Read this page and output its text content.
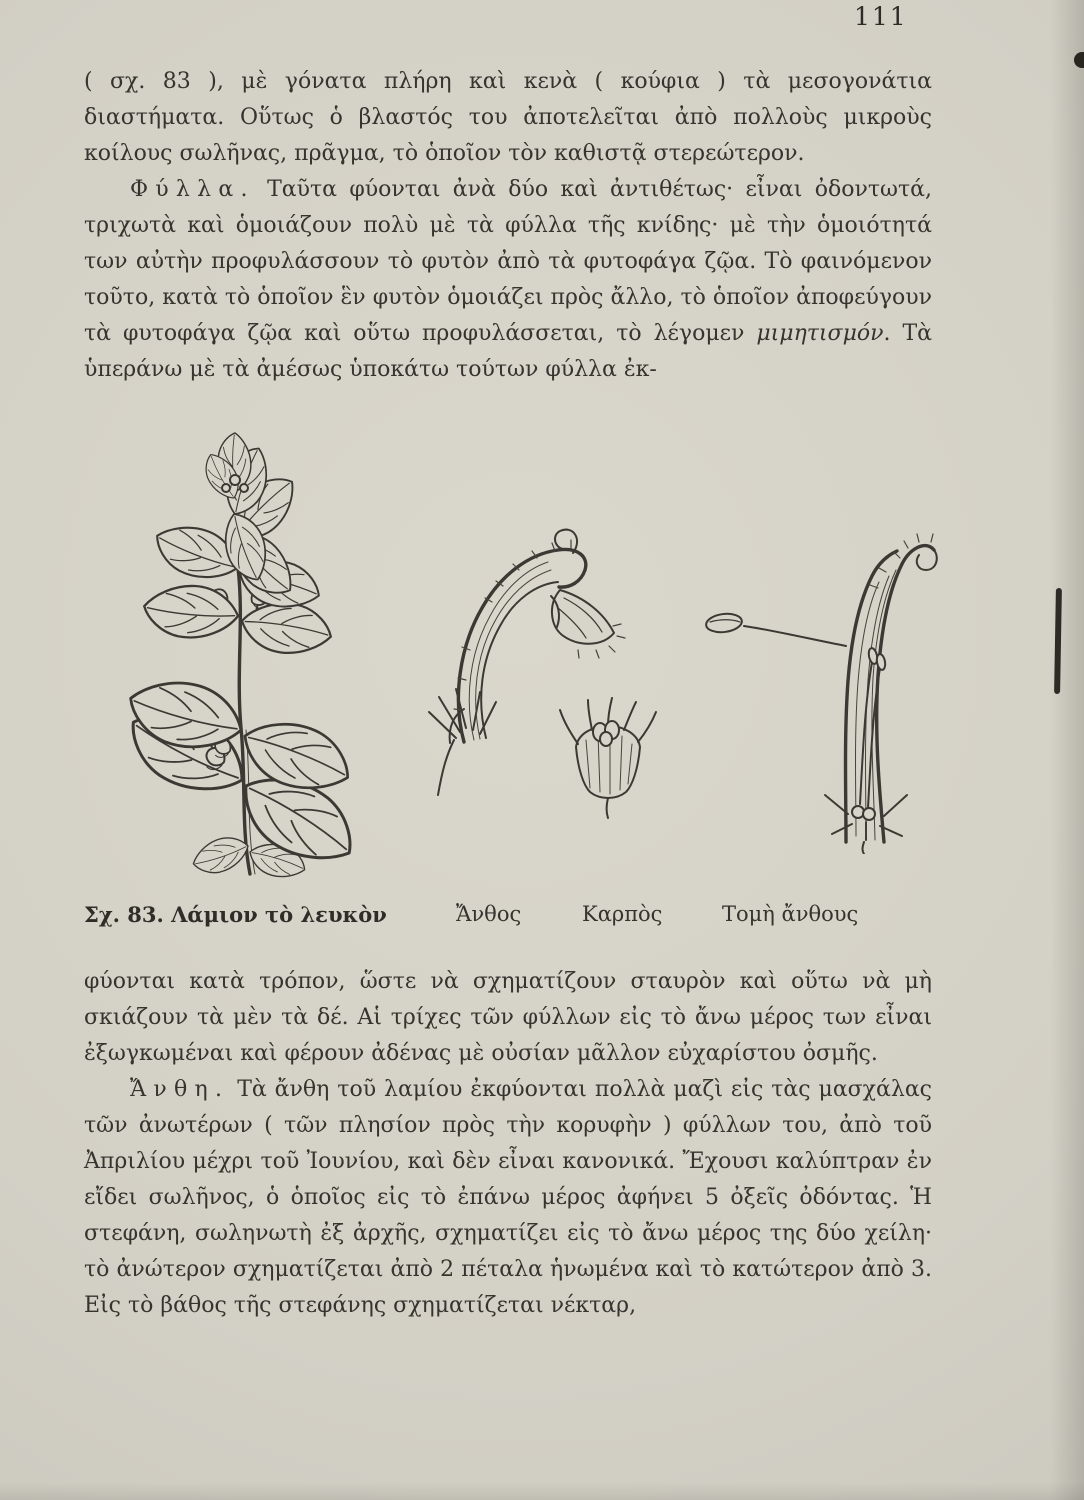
111

( σχ. 83 ), μὲ γόνατα πλήρη καὶ κενὰ ( κούφια ) τὰ μεσογονάτια διαστήματα. Οὕτως ὁ βλαστός του ἀποτελεῖται ἀπὸ πολλοὺς μικροὺς κοίλους σωλῆνας, πρᾶγμα, τὸ ὁποῖον τὸν καθιστᾷ στερεώτερον.

Φύλλα. Ταῦτα φύονται ἀνὰ δύο καὶ ἀντιθέτως· εἶναι ὀδοντωτά, τριχωτὰ καὶ ὁμοιάζουν πολὺ μὲ τὰ φύλλα τῆς κνίδης· μὲ τὴν ὁμοιότητά των αὐτὴν προφυλάσσουν τὸ φυτὸν ἀπὸ τὰ φυτοφάγα ζῷα. Τὸ φαινόμενον τοῦτο, κατὰ τὸ ὁποῖον ἓν φυτὸν ὁμοιάζει πρὸς ἄλλο, τὸ ὁποῖον ἀποφεύγουν τὰ φυτοφάγα ζῷα καὶ οὕτω προφυλάσσεται, τὸ λέγομεν μιμητισμόν. Τὰ ὑπεράνω μὲ τὰ ἀμέσως ὑποκάτω τούτων φύλλα ἐκ-

Σχ. 83. Λάμιον τὸ λευκὸν	Ἄνθος	Καρπὸς	Τομὴ ἄνθους

φύονται κατὰ τρόπον, ὥστε νὰ σχηματίζουν σταυρὸν καὶ οὕτω νὰ μὴ σκιάζουν τὰ μὲν τὰ δέ. Αἱ τρίχες τῶν φύλλων εἰς τὸ ἄνω μέρος των εἶναι ἐξωγκωμέναι καὶ φέρουν ἀδένας μὲ οὐσίαν μᾶλλον εὐχαρίστου ὀσμῆς.

Ἄνθη. Τὰ ἄνθη τοῦ λαμίου ἐκφύονται πολλὰ μαζὶ εἰς τὰς μασχάλας τῶν ἀνωτέρων ( τῶν πλησίον πρὸς τὴν κορυφὴν ) φύλλων του, ἀπὸ τοῦ Ἀπριλίου μέχρι τοῦ Ἰουνίου, καὶ δὲν εἶναι κανονικά. Ἔχουσι καλύπτραν ἐν εἴδει σωλῆνος, ὁ ὁποῖος εἰς τὸ ἐπάνω μέρος ἀφήνει 5 ὀξεῖς ὀδόντας. Ἡ στεφάνη, σωληνωτὴ ἐξ ἀρχῆς, σχηματίζει εἰς τὸ ἄνω μέρος της δύο χείλη· τὸ ἀνώτερον σχηματίζεται ἀπὸ 2 πέταλα ἡνωμένα καὶ τὸ κατώτερον ἀπὸ 3. Εἰς τὸ βάθος τῆς στεφάνης σχηματίζεται νέκταρ,
